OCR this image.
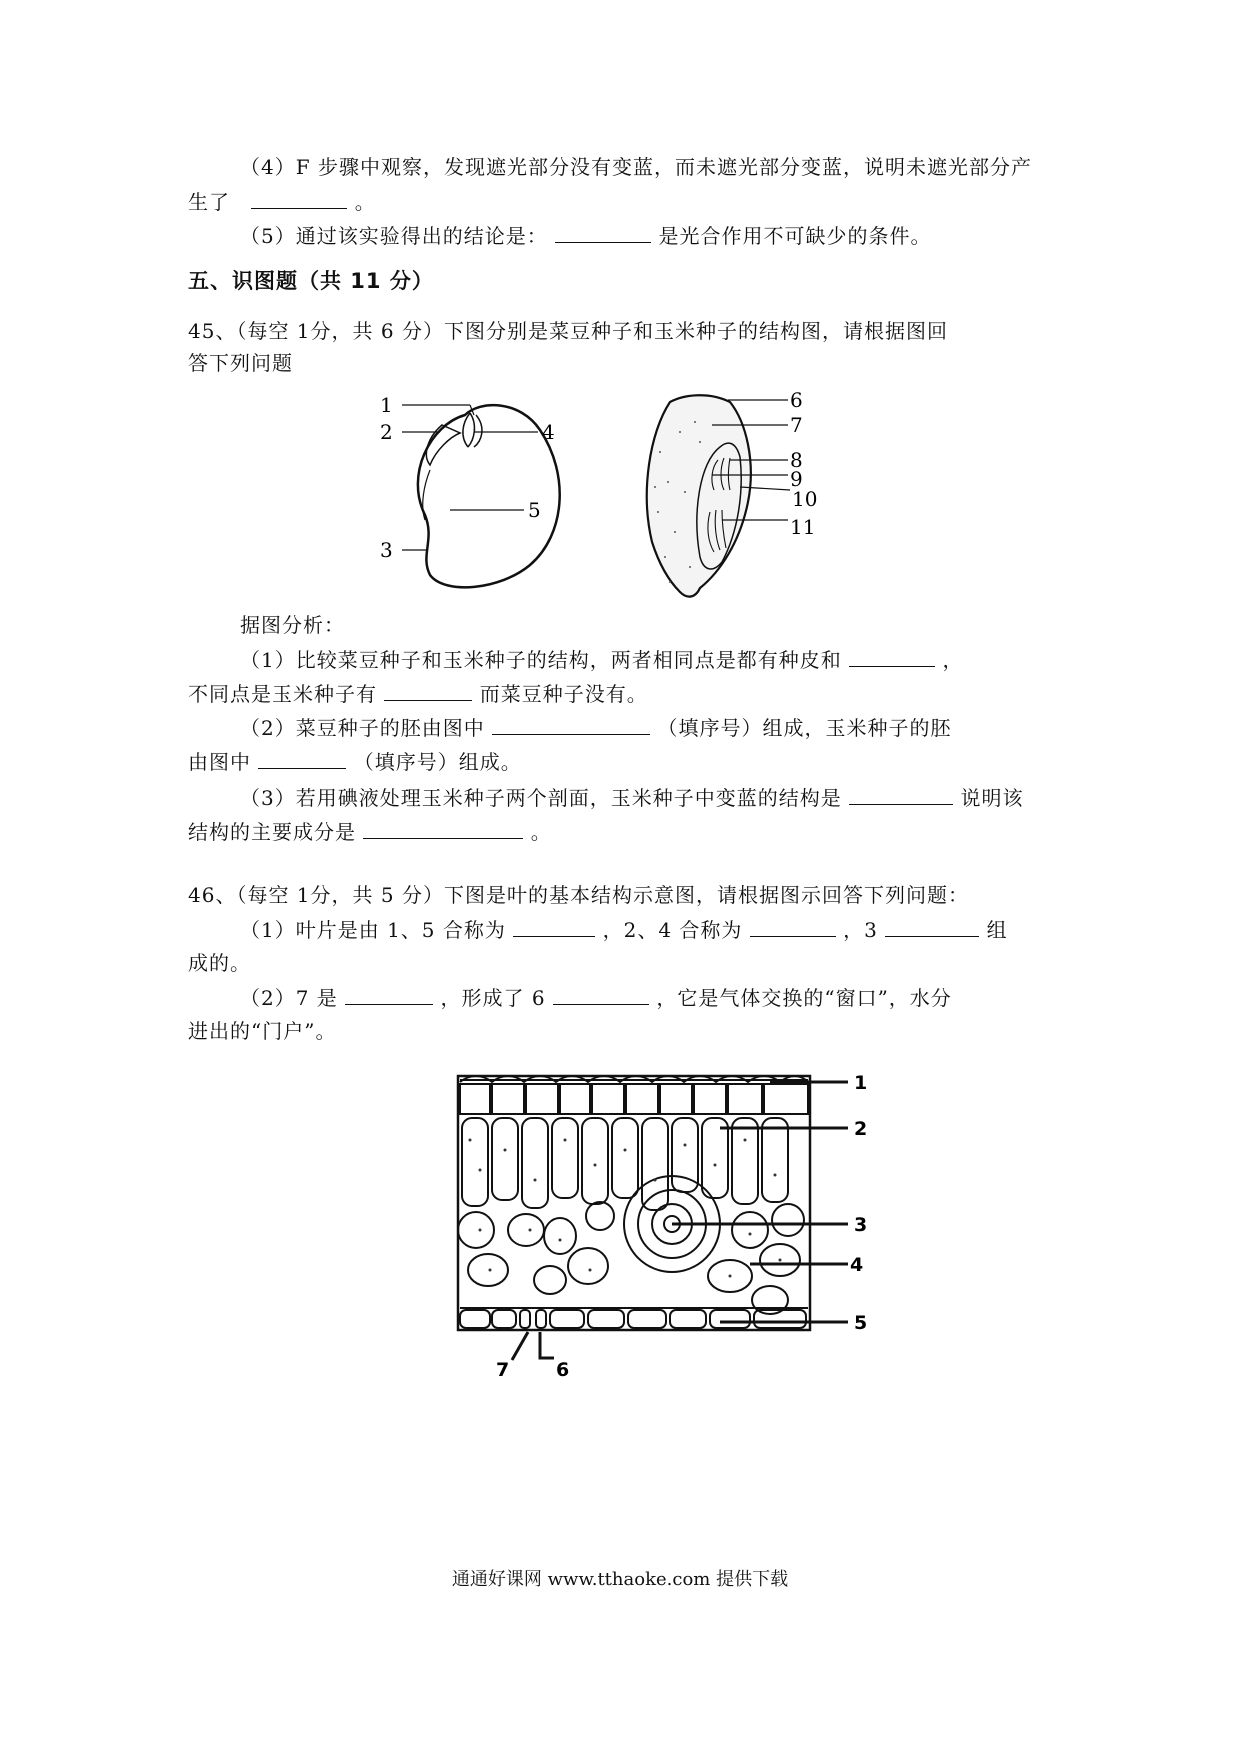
（4）F 步骤中观察，发现遮光部分没有变蓝，而未遮光部分变蓝，说明未遮光部分产
生了	。
（5）通过该实验得出的结论是：	是光合作用不可缺少的条件。
五、识图题（共 11 分）
45、（每空 1分，共 6 分）下图分别是菜豆种子和玉米种子的结构图，请根据图回
答下列问题
1
2
3
4
5
6
7
8
9
10
11
据图分析：
（1）比较菜豆种子和玉米种子的结构，两者相同点是都有种皮和	，
不同点是玉米种子有	而菜豆种子没有。
（2）菜豆种子的胚由图中	（填序号）组成，玉米种子的胚
由图中	（填序号）组成。
（3）若用碘液处理玉米种子两个剖面，玉米种子中变蓝的结构是	说明该
结构的主要成分是	。
46、（每空 1分，共 5 分）下图是叶的基本结构示意图，请根据图示回答下列问题：
（1）叶片是由 1、5 合称为	，2、4 合称为	，3	组
成的。
（2）7 是	，形成了 6	，它是气体交换的“窗口”，水分
进出的“门户”。
1
2
3
4
5
6
7
通通好课网 www.tthaoke.com 提供下载
